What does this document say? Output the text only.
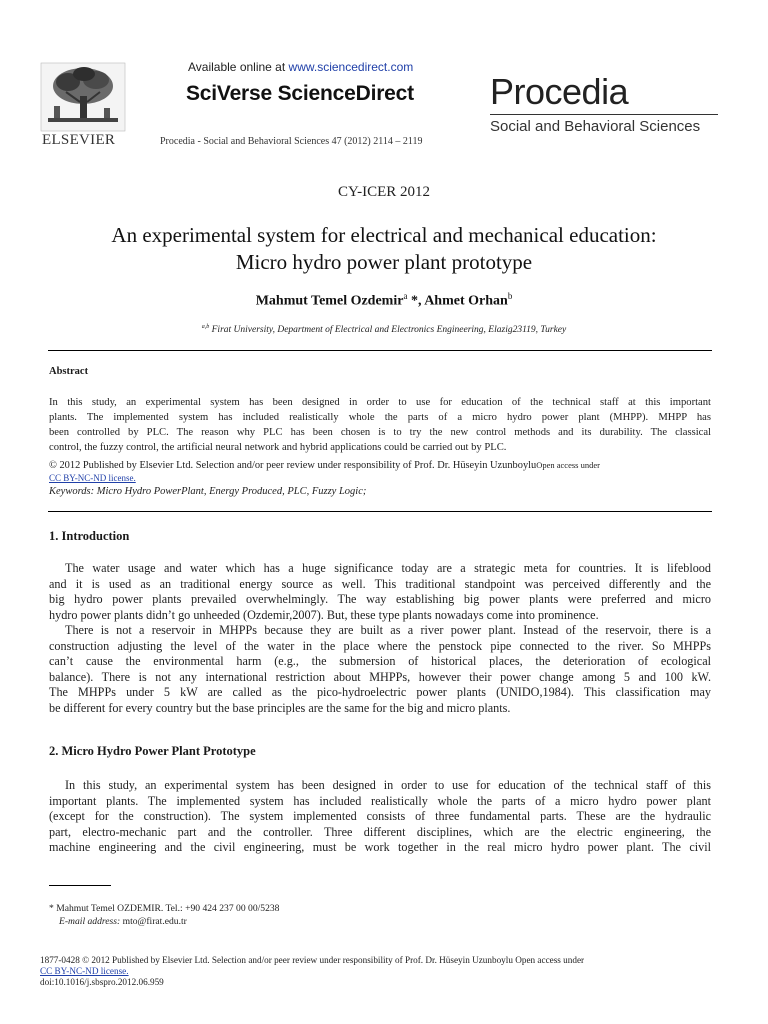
ELSEVIER
Available online at www.sciencedirect.com
SciVerse ScienceDirect
Procedia - Social and Behavioral Sciences 47 (2012) 2114 – 2119
Procedia
Social and Behavioral Sciences
CY-ICER 2012
An experimental system for electrical and mechanical education:
Micro hydro power plant prototype
Mahmut Temel Ozdemir$^a$ *, Ahmet Orhan$^b$
$^{a,b}$ Firat University, Department of Electrical and Electronics Engineering, Elazig23119, Turkey
Abstract
In this study, an experimental system has been designed in order to use for education of the technical staff at this important
plants. The implemented system has included realistically whole the parts of a micro hydro power plant (MHPP). MHPP has
been controlled by PLC. The reason why PLC has been chosen is to try the new control methods and its durability. The classical
control, the fuzzy control, the artificial neural network and hybrid applications could be carried out by PLC.
© 2012 Published by Elsevier Ltd. Selection and/or peer review under responsibility of Prof. Dr. Hüseyin UzunboyluOpen access under
CC BY-NC-ND license.
Keywords: Micro Hydro PowerPlant, Energy Produced, PLC, Fuzzy Logic;
1. Introduction
The water usage and water which has a huge significance today are a strategic meta for countries. It is lifeblood
and it is used as an traditional energy source as well. This traditional standpoint was perceived differently and the
big hydro power plants prevailed overwhelmingly. The way establishing big power plants were preferred and micro
hydro power plants didn’t go unheeded (Ozdemir,2007). But, these type plants nowadays come into prominence.
There is not a reservoir in MHPPs because they are built as a river power plant. Instead of the reservoir, there is a
construction adjusting the level of the water in the place where the penstock pipe connected to the river. So MHPPs
can’t cause the environmental harm (e.g., the submersion of historical places, the deterioration of ecological
balance). There is not any international restriction about MHPPs, however their power change among 5 and 100 kW.
The MHPPs under 5 kW are called as the pico-hydroelectric power plants (UNIDO,1984). This classification may
be different for every country but the base principles are the same for the big and micro plants.
2. Micro Hydro Power Plant Prototype
In this study, an experimental system has been designed in order to use for education of the technical staff of this
important plants. The implemented system has included realistically whole the parts of a micro hydro power plant
(except for the construction). The system implemented consists of three fundamental parts. These are the hydraulic
part, electro-mechanic part and the controller. Three different disciplines, which are the electric engineering, the
machine engineering and the civil engineering, must be work together in the real micro hydro power plant. The civil
* Mahmut Temel OZDEMIR. Tel.: +90 424 237 00 00/5238
E-mail address: mto@firat.edu.tr
1877-0428 © 2012 Published by Elsevier Ltd. Selection and/or peer review under responsibility of Prof. Dr. Hüseyin Uzunboylu Open access under
CC BY-NC-ND license.
doi:10.1016/j.sbspro.2012.06.959
